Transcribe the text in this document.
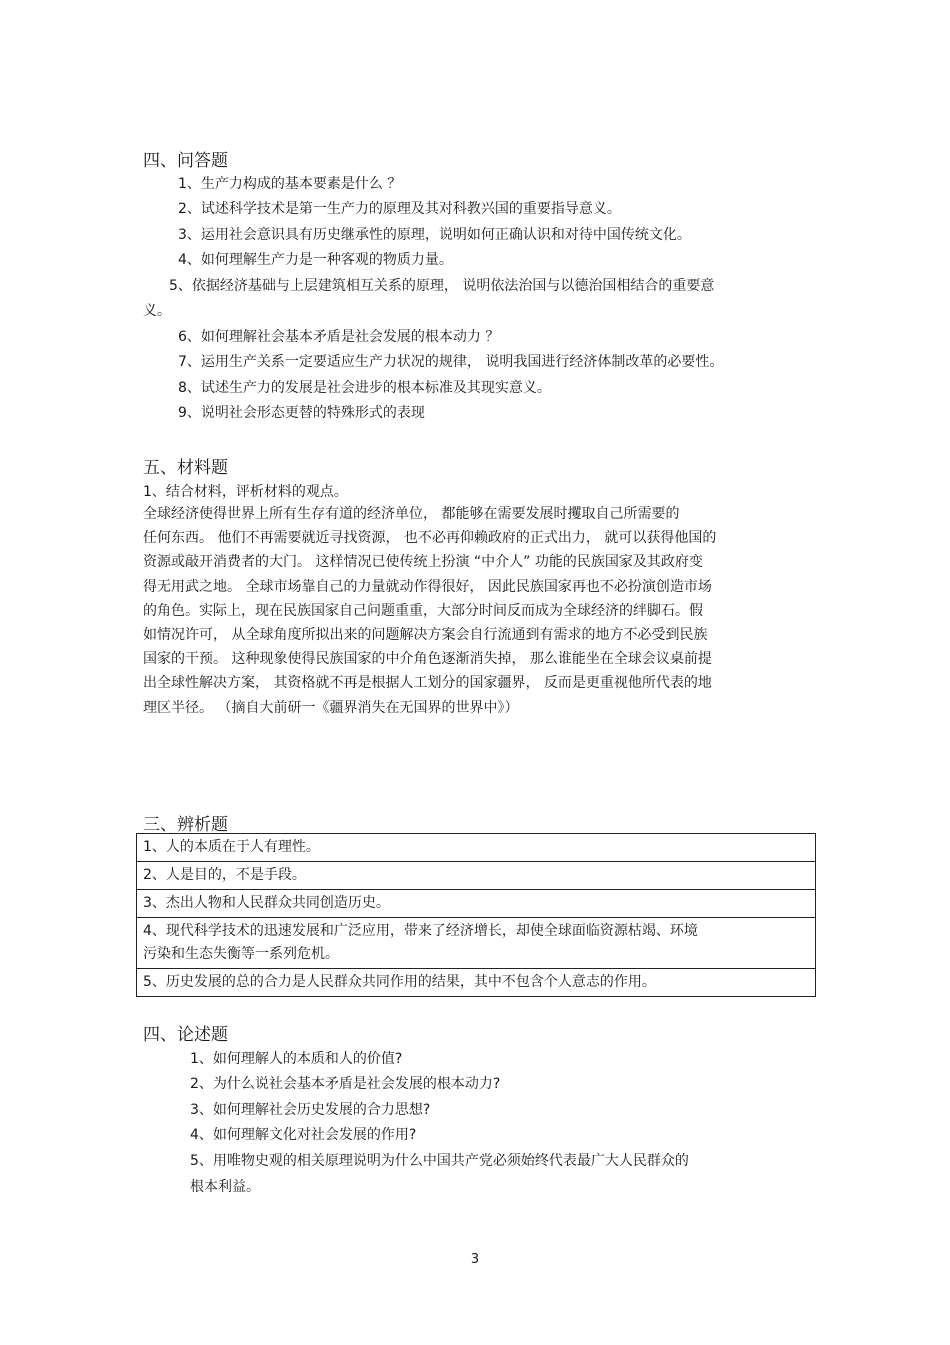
四、问答题
1、生产力构成的基本要素是什么 ？
2、试述科学技术是第一生产力的原理及其对科教兴国的重要指导意义。
3、运用社会意识具有历史继承性的原理，说明如何正确认识和对待中国传统文化。
4、如何理解生产力是一种客观的物质力量。
5、依据经济基础与上层建筑相互关系的原理， 说明依法治国与以德治国相结合的重要意
义。
6、如何理解社会基本矛盾是社会发展的根本动力 ？
7、运用生产关系一定要适应生产力状况的规律， 说明我国进行经济体制改革的必要性。
8、试述生产力的发展是社会进步的根本标准及其现实意义。
9、说明社会形态更替的特殊形式的表现
五、材料题
1、结合材料，评析材料的观点。
全球经济使得世界上所有生存有道的经济单位， 都能够在需要发展时攫取自己所需要的
任何东西。 他们不再需要就近寻找资源， 也不必再仰赖政府的正式出力， 就可以获得他国的
资源或敲开消费者的大门。 这样情况已使传统上扮演 “中介人” 功能的民族国家及其政府变
得无用武之地。 全球市场靠自己的力量就动作得很好， 因此民族国家再也不必扮演创造市场
的角色。实际上，现在民族国家自己问题重重，大部分时间反而成为全球经济的绊脚石。假
如情况许可， 从全球角度所拟出来的问题解决方案会自行流通到有需求的地方不必受到民族
国家的干预。 这种现象使得民族国家的中介角色逐渐消失掉， 那么谁能坐在全球会议桌前提
出全球性解决方案， 其资格就不再是根据人工划分的国家疆界， 反而是更重视他所代表的地
理区半径。 （摘自大前研一《疆界消失在无国界的世界中》）
三、辨析题
1、人的本质在于人有理性。
2、人是目的，不是手段。
3、杰出人物和人民群众共同创造历史。
4、现代科学技术的迅速发展和广泛应用，带来了经济增长，却使全球面临资源枯竭、环境
污染和生态失衡等一系列危机。
5、历史发展的总的合力是人民群众共同作用的结果，其中不包含个人意志的作用。
四、论述题
1、如何理解人的本质和人的价值?
2、为什么说社会基本矛盾是社会发展的根本动力?
3、如何理解社会历史发展的合力思想?
4、如何理解文化对社会发展的作用?
5、用唯物史观的相关原理说明为什么中国共产党必须始终代表最广大人民群众的
根本利益。
3
